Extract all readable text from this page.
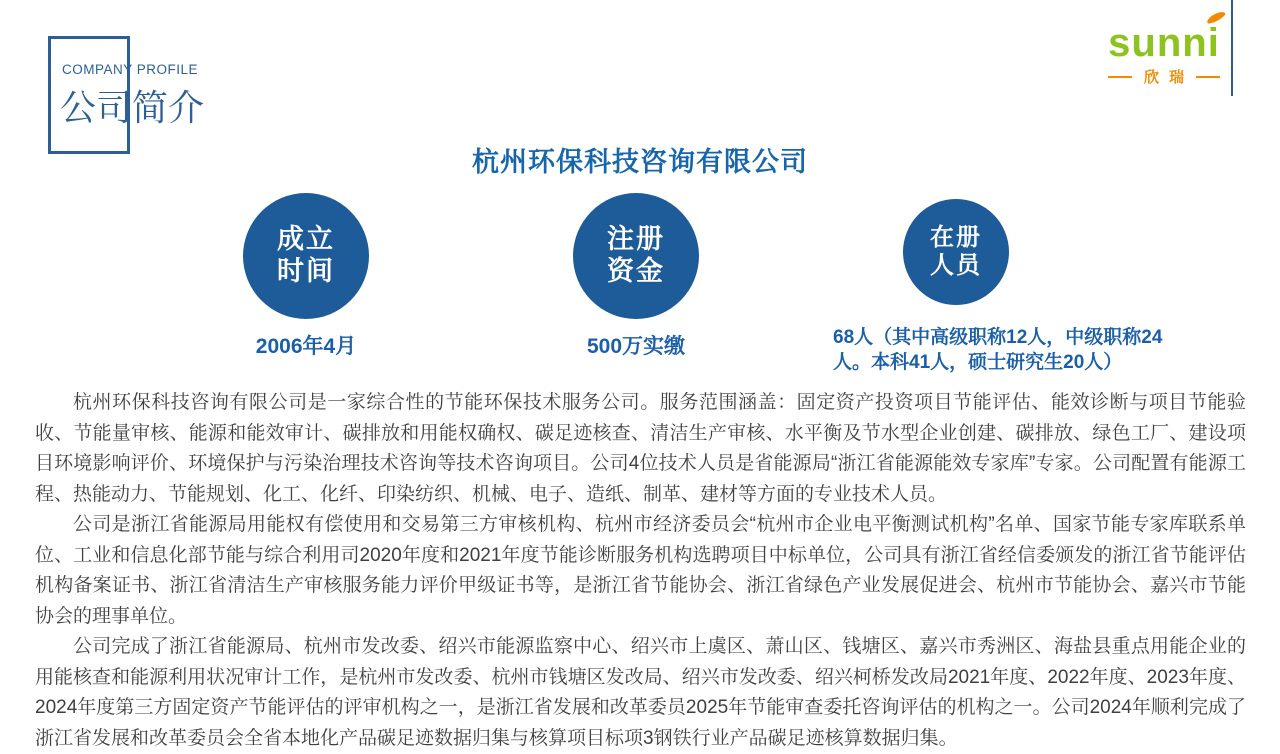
COMPANY PROFILE
公司简介
sunni
欣瑞
杭州环保科技咨询有限公司
成立
时间
注册
资金
在册
人员
2006年4月	500万实缴	68人（其中高级职称12人，中级职称24人。本科41人，硕士研究生20人）

杭州环保科技咨询有限公司是一家综合性的节能环保技术服务公司。服务范围涵盖：固定资产投资项目节能评估、能效诊断与项目节能验收、节能量审核、能源和能效审计、碳排放和用能权确权、碳足迹核查、清洁生产审核、水平衡及节水型企业创建、碳排放、绿色工厂、建设项目环境影响评价、环境保护与污染治理技术咨询等技术咨询项目。公司4位技术人员是省能源局“浙江省能源能效专家库”专家。公司配置有能源工程、热能动力、节能规划、化工、化纤、印染纺织、机械、电子、造纸、制革、建材等方面的专业技术人员。

公司是浙江省能源局用能权有偿使用和交易第三方审核机构、杭州市经济委员会“杭州市企业电平衡测试机构”名单、国家节能专家库联系单位、工业和信息化部节能与综合利用司2020年度和2021年度节能诊断服务机构选聘项目中标单位，公司具有浙江省经信委颁发的浙江省节能评估机构备案证书、浙江省清洁生产审核服务能力评价甲级证书等，是浙江省节能协会、浙江省绿色产业发展促进会、杭州市节能协会、嘉兴市节能协会的理事单位。

公司完成了浙江省能源局、杭州市发改委、绍兴市能源监察中心、绍兴市上虞区、萧山区、钱塘区、嘉兴市秀洲区、海盐县重点用能企业的用能核查和能源利用状况审计工作，是杭州市发改委、杭州市钱塘区发改局、绍兴市发改委、绍兴柯桥发改局2021年度、2022年度、2023年度、2024年度第三方固定资产节能评估的评审机构之一，是浙江省发展和改革委员2025年节能审查委托咨询评估的机构之一。公司2024年顺利完成了浙江省发展和改革委员会全省本地化产品碳足迹数据归集与核算项目标项3钢铁行业产品碳足迹核算数据归集。
